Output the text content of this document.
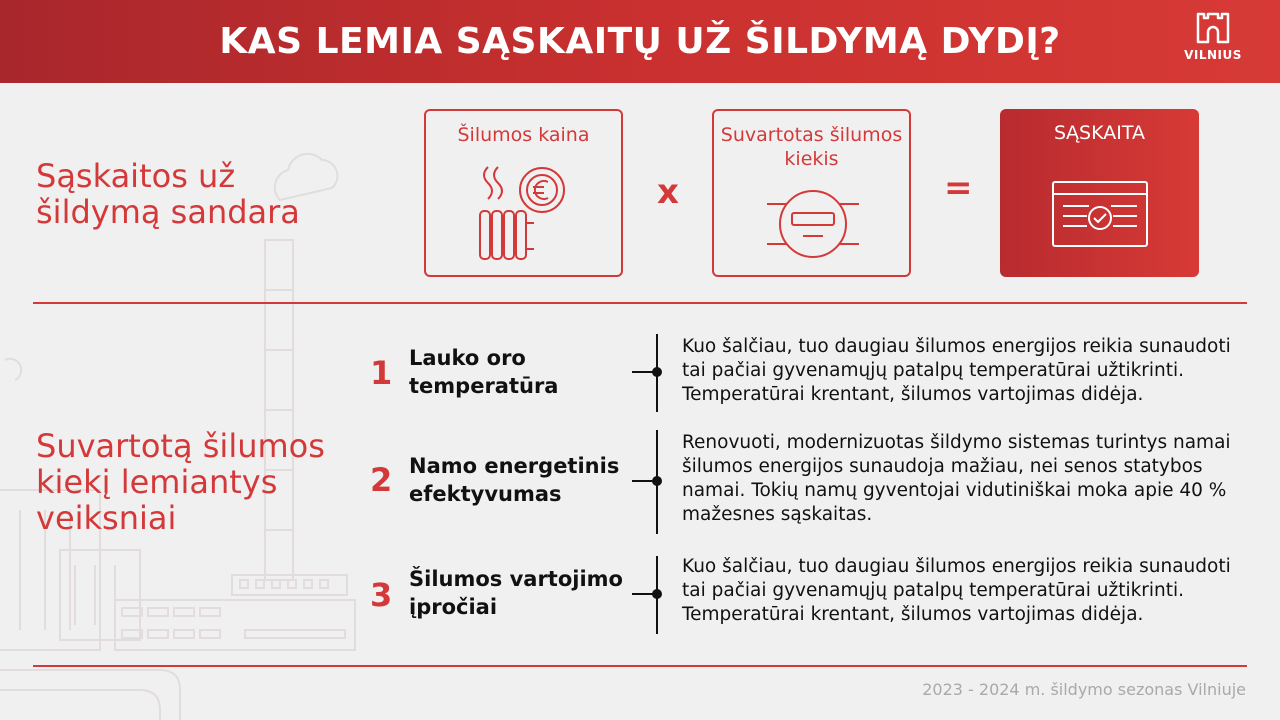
KAS LEMIA SĄSKAITŲ UŽ ŠILDYMĄ DYDĮ?	VILNIUS
Sąskaitos už šildymą sandara
Šilumos kaina
x
Suvartotas šilumos kiekis
=
SĄSKAITA
Suvartotą šilumos kiekį lemiantys veiksniai
1 Lauko oro temperatūra
Kuo šalčiau, tuo daugiau šilumos energijos reikia sunaudoti tai pačiai gyvenamųjų patalpų temperatūrai užtikrinti. Temperatūrai krentant, šilumos vartojimas didėja.
2 Namo energetinis efektyvumas
Renovuoti, modernizuotas šildymo sistemas turintys namai šilumos energijos sunaudoja mažiau, nei senos statybos namai. Tokių namų gyventojai vidutiniškai moka apie 40 % mažesnes sąskaitas.
3 Šilumos vartojimo įpročiai
Kuo šalčiau, tuo daugiau šilumos energijos reikia sunaudoti tai pačiai gyvenamųjų patalpų temperatūrai užtikrinti. Temperatūrai krentant, šilumos vartojimas didėja.
2023 - 2024 m. šildymo sezonas Vilniuje
